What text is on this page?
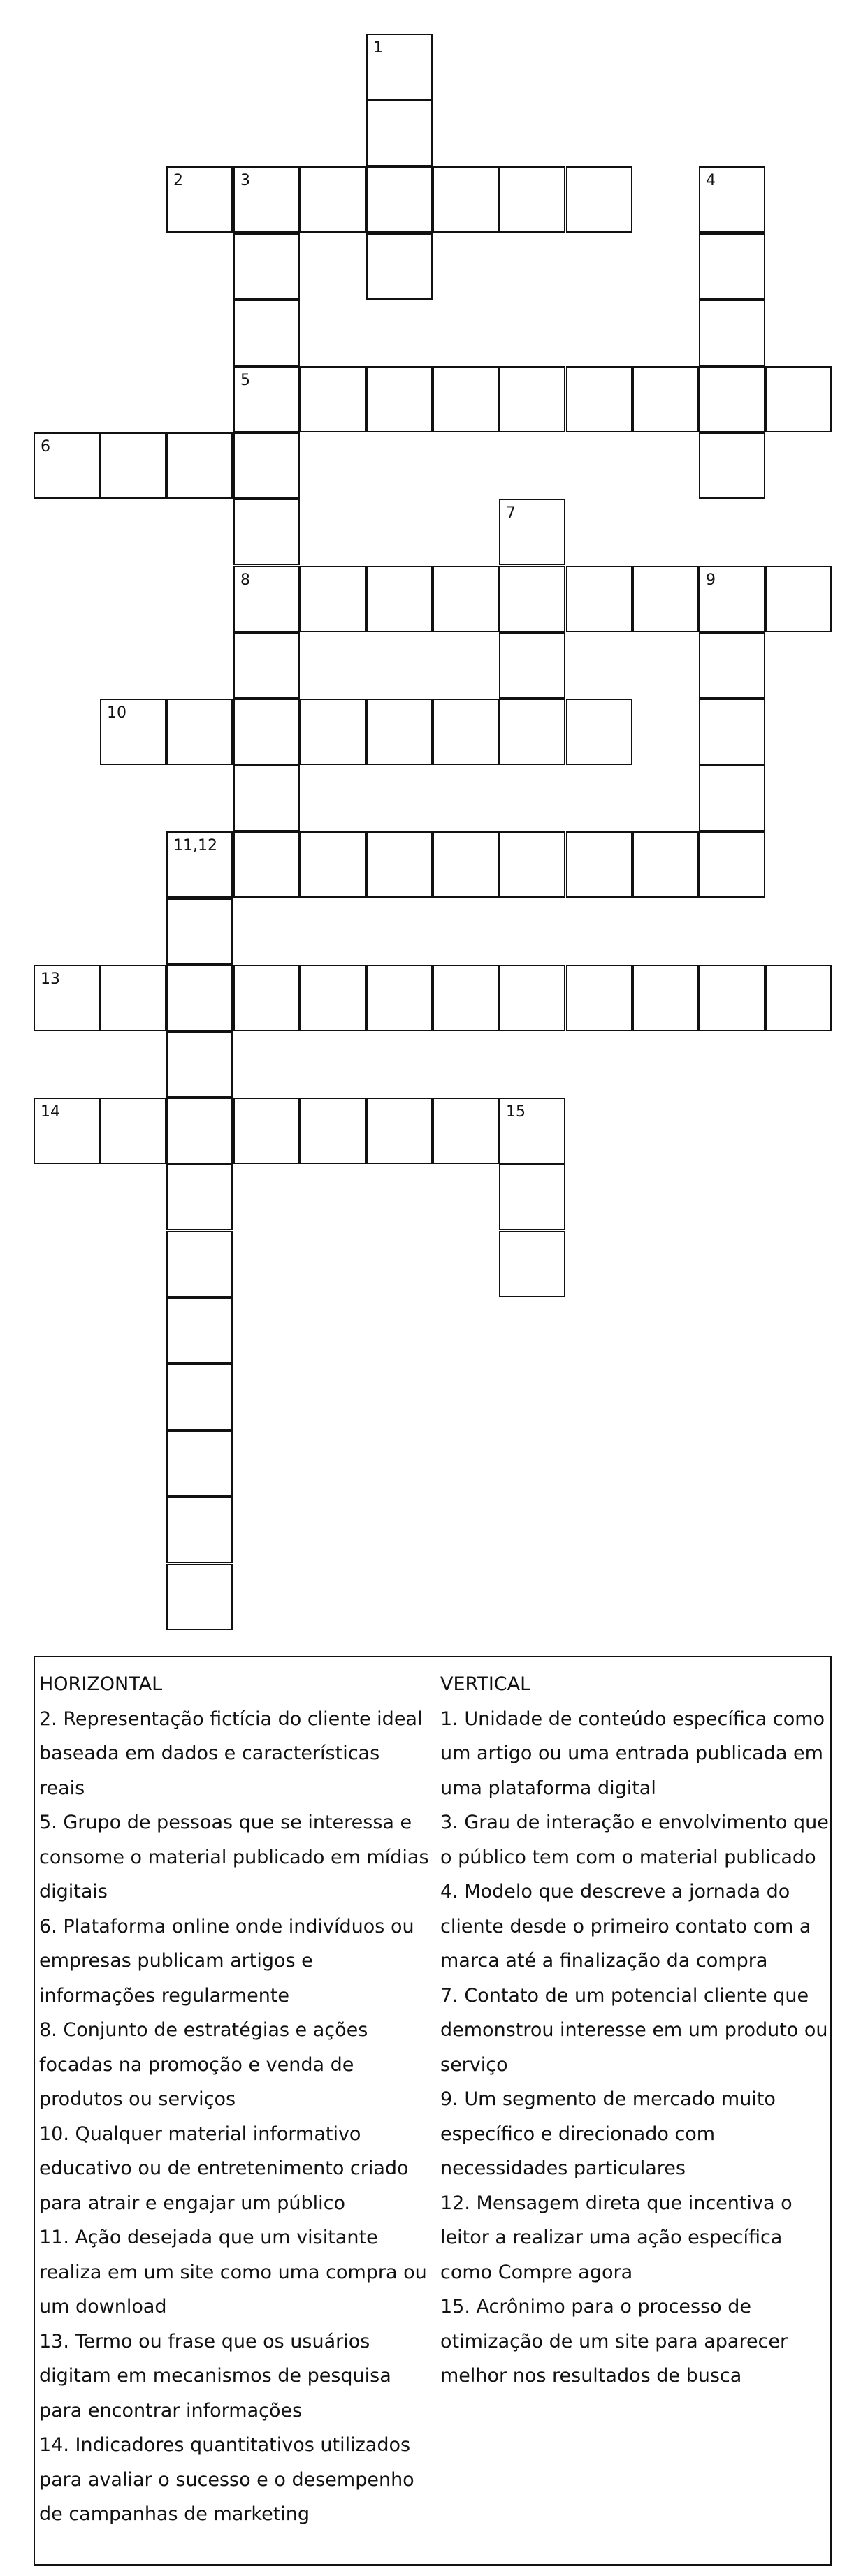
1
2	3	4
5
6
7
8	9
10
11,12
13
14	15

HORIZONTAL

2. Representação fictícia do cliente ideal baseada em dados e características reais

5. Grupo de pessoas que se interessa e consome o material publicado em mídias digitais

6. Plataforma online onde indivíduos ou empresas publicam artigos e informações regularmente

8. Conjunto de estratégias e ações focadas na promoção e venda de produtos ou serviços

10. Qualquer material informativo educativo ou de entretenimento criado para atrair e engajar um público

11. Ação desejada que um visitante realiza em um site como uma compra ou um download

13. Termo ou frase que os usuários digitam em mecanismos de pesquisa para encontrar informações

14. Indicadores quantitativos utilizados para avaliar o sucesso e o desempenho de campanhas de marketing

VERTICAL

1. Unidade de conteúdo específica como um artigo ou uma entrada publicada em uma plataforma digital

3. Grau de interação e envolvimento que o público tem com o material publicado

4. Modelo que descreve a jornada do cliente desde o primeiro contato com a marca até a finalização da compra

7. Contato de um potencial cliente que demonstrou interesse em um produto ou serviço

9. Um segmento de mercado muito específico e direcionado com necessidades particulares

12. Mensagem direta que incentiva o leitor a realizar uma ação específica como Compre agora

15. Acrônimo para o processo de otimização de um site para aparecer melhor nos resultados de busca
